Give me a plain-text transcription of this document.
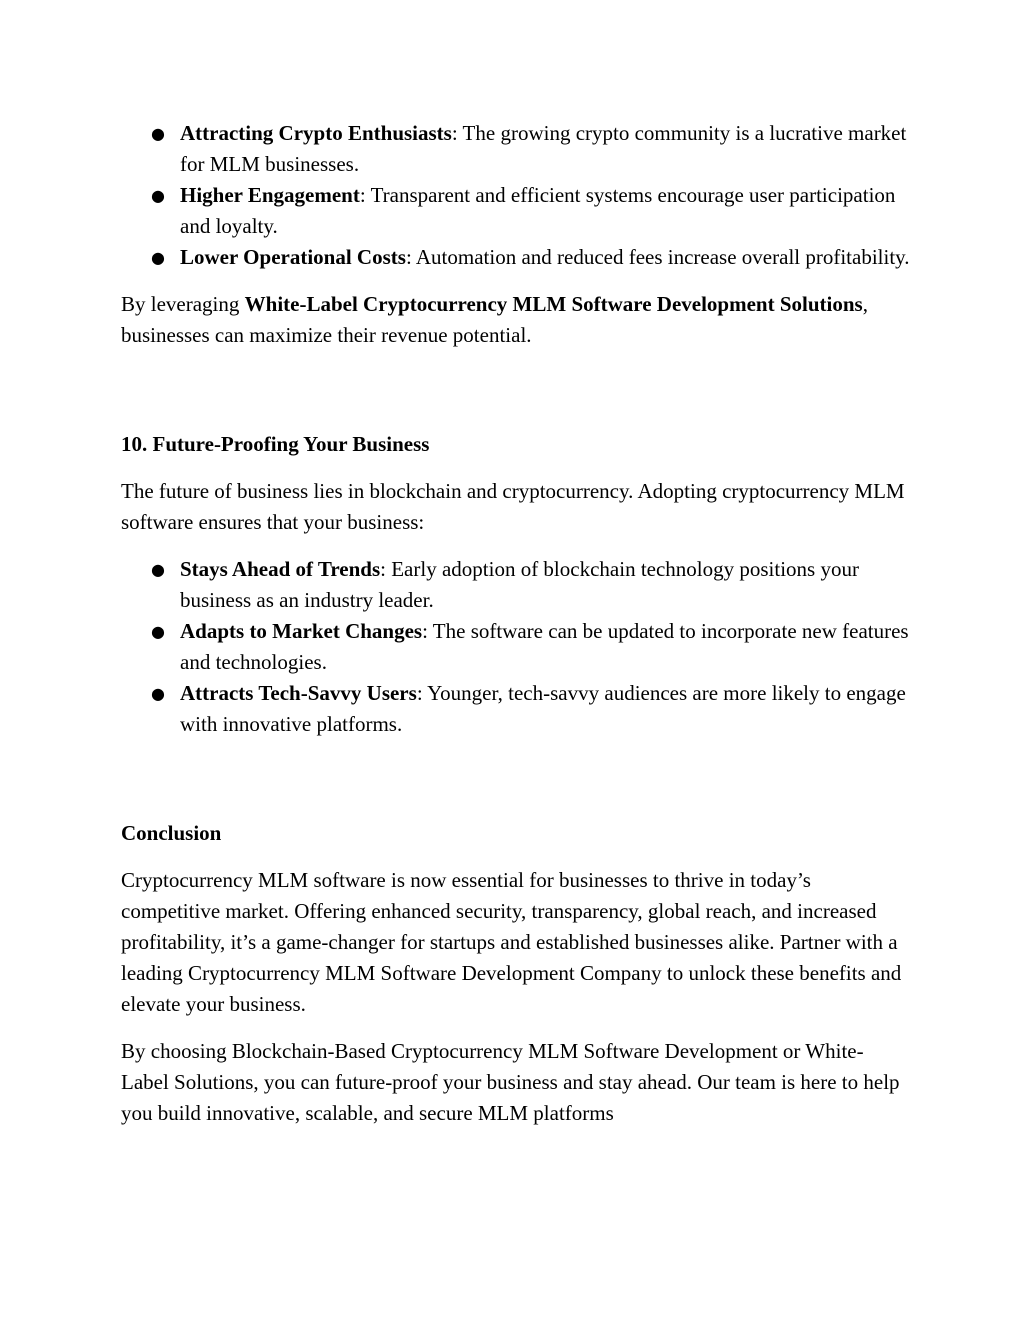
● Attracting Crypto Enthusiasts: The growing crypto community is a lucrative market for MLM businesses.
● Higher Engagement: Transparent and efficient systems encourage user participation and loyalty.
● Lower Operational Costs: Automation and reduced fees increase overall profitability.

By leveraging White-Label Cryptocurrency MLM Software Development Solutions, businesses can maximize their revenue potential.

10. Future-Proofing Your Business

The future of business lies in blockchain and cryptocurrency. Adopting cryptocurrency MLM software ensures that your business:

● Stays Ahead of Trends: Early adoption of blockchain technology positions your business as an industry leader.
● Adapts to Market Changes: The software can be updated to incorporate new features and technologies.
● Attracts Tech-Savvy Users: Younger, tech-savvy audiences are more likely to engage with innovative platforms.

Conclusion

Cryptocurrency MLM software is now essential for businesses to thrive in today’s competitive market. Offering enhanced security, transparency, global reach, and increased profitability, it’s a game-changer for startups and established businesses alike. Partner with a leading Cryptocurrency MLM Software Development Company to unlock these benefits and elevate your business.

By choosing Blockchain-Based Cryptocurrency MLM Software Development or White-Label Solutions, you can future-proof your business and stay ahead. Our team is here to help you build innovative, scalable, and secure MLM platforms
